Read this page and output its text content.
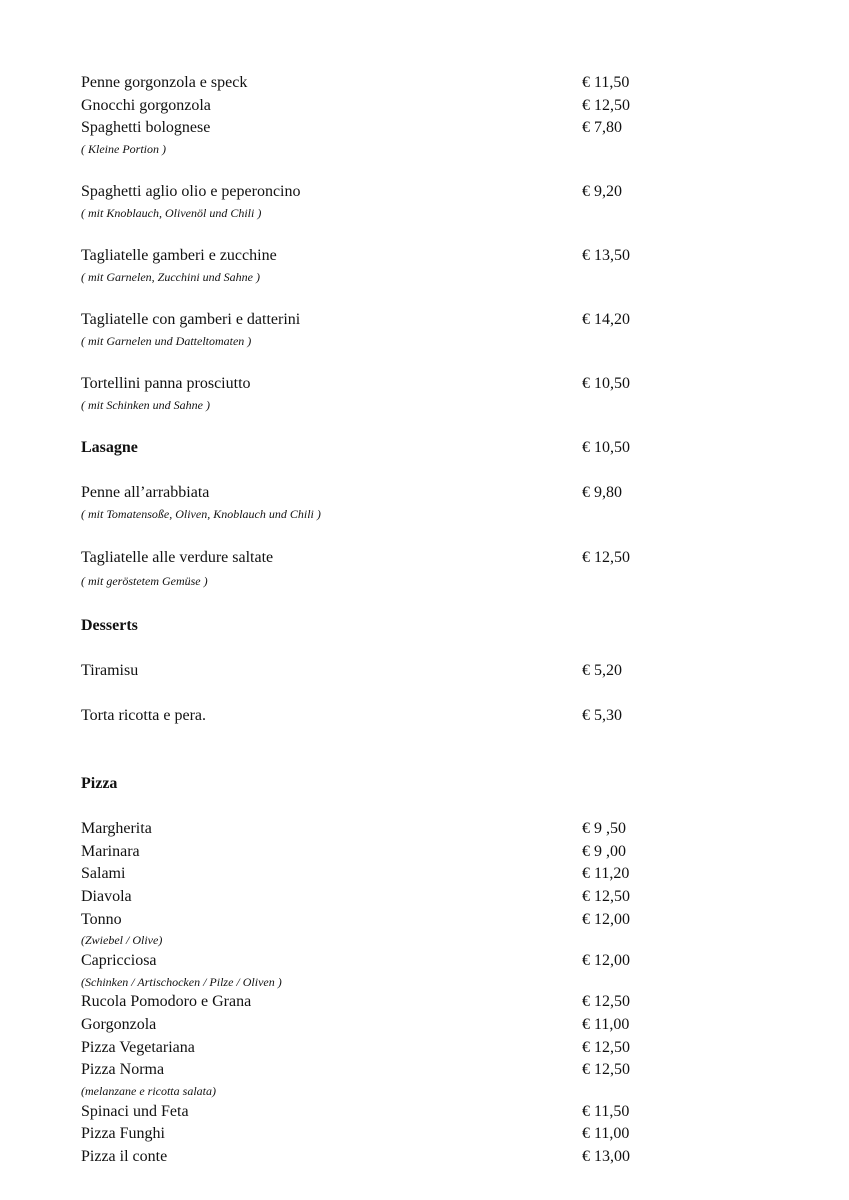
Penne gorgonzola e speck	€ 11,50
Gnocchi gorgonzola	€ 12,50
Spaghetti bolognese	€ 7,80
( Kleine Portion )
Spaghetti aglio olio e peperoncino	€ 9,20
( mit Knoblauch, Olivenöl und Chili )
Tagliatelle gamberi e zucchine	€ 13,50
( mit Garnelen, Zucchini und Sahne )
Tagliatelle con gamberi e datterini	€ 14,20
( mit Garnelen und Datteltomaten )
Tortellini panna prosciutto	€ 10,50
( mit Schinken und Sahne )
Lasagne	€ 10,50
Penne all’arrabbiata	€ 9,80
( mit Tomatensoße, Oliven, Knoblauch und Chili )
Tagliatelle alle verdure saltate	€ 12,50
( mit geröstetem Gemüse )
Desserts
Tiramisu	€ 5,20
Torta ricotta e pera.	€ 5,30
Pizza
Margherita	€ 9 ,50
Marinara	€ 9 ,00
Salami	€ 11,20
Diavola	€ 12,50
Tonno	€ 12,00
(Zwiebel / Olive)
Capricciosa	€ 12,00
(Schinken / Artischocken / Pilze / Oliven )
Rucola Pomodoro e Grana	€ 12,50
Gorgonzola	€ 11,00
Pizza Vegetariana	€ 12,50
Pizza Norma	€ 12,50
(melanzane e ricotta salata)
Spinaci und Feta	€ 11,50
Pizza Funghi	€ 11,00
Pizza il conte	€ 13,00
